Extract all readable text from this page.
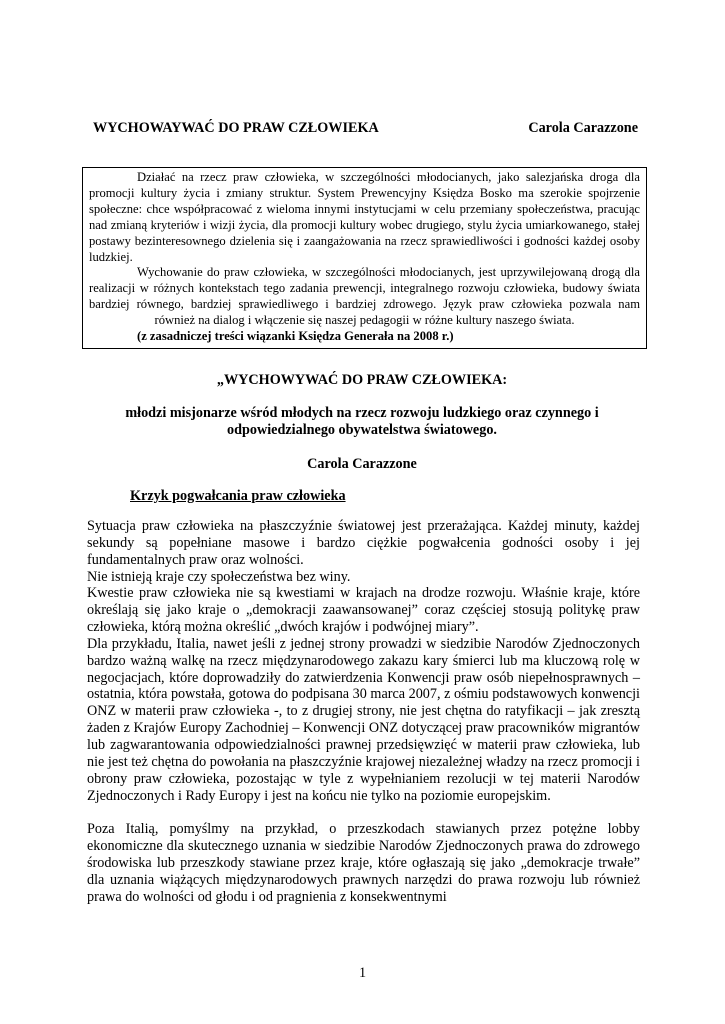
WYCHOWAYWAĆ DO PRAW CZŁOWIEKA	Carola Carazzone

Działać na rzecz praw człowieka, w szczególności młodocianych, jako salezjańska droga dla promocji kultury życia i zmiany struktur. System Prewencyjny Księdza Bosko ma szerokie spojrzenie społeczne: chce współpracować z wieloma innymi instytucjami w celu przemiany społeczeństwa, pracując nad zmianą kryteriów i wizji życia, dla promocji kultury wobec drugiego, stylu życia umiarkowanego, stałej postawy bezinteresownego dzielenia się i zaangażowania na rzecz sprawiedliwości i godności każdej osoby ludzkiej.

Wychowanie do praw człowieka, w szczególności młodocianych, jest uprzywilejowaną drogą dla realizacji w różnych kontekstach tego zadania prewencji, integralnego rozwoju człowieka, budowy świata bardziej równego, bardziej sprawiedliwego i bardziej zdrowego. Język praw człowieka pozwala nam również na dialog i włączenie się naszej pedagogii w różne kultury naszego świata.

(z zasadniczej treści wiązanki Księdza Generała na 2008 r.)

„WYCHOWYWAĆ DO PRAW CZŁOWIEKA:
młodzi misjonarze wśród młodych na rzecz rozwoju ludzkiego oraz czynnego i odpowiedzialnego obywatelstwa światowego.
Carola Carazzone
Krzyk pogwałcania praw człowieka

Sytuacja praw człowieka na płaszczyźnie światowej jest przerażająca. Każdej minuty, każdej sekundy są popełniane masowe i bardzo ciężkie pogwałcenia godności osoby i jej fundamentalnych praw oraz wolności.

Nie istnieją kraje czy społeczeństwa bez winy.

Kwestie praw człowieka nie są kwestiami w krajach na drodze rozwoju. Właśnie kraje, które określają się jako kraje o „demokracji zaawansowanej” coraz częściej stosują politykę praw człowieka, którą można określić „dwóch krajów i podwójnej miary”.

Dla przykładu, Italia, nawet jeśli z jednej strony prowadzi w siedzibie Narodów Zjednoczonych bardzo ważną walkę na rzecz międzynarodowego zakazu kary śmierci lub ma kluczową rolę w negocjacjach, które doprowadziły do zatwierdzenia Konwencji praw osób niepełnosprawnych – ostatnia, która powstała, gotowa do podpisana 30 marca 2007, z ośmiu podstawowych konwencji ONZ w materii praw człowieka -, to z drugiej strony, nie jest chętna do ratyfikacji – jak zresztą żaden z Krajów Europy Zachodniej – Konwencji ONZ dotyczącej praw pracowników migrantów lub zagwarantowania odpowiedzialności prawnej przedsięwzięć w materii praw człowieka, lub nie jest też chętna do powołania na płaszczyźnie krajowej niezależnej władzy na rzecz promocji i obrony praw człowieka, pozostając w tyle z wypełnianiem rezolucji w tej materii Narodów Zjednoczonych i Rady Europy i jest na końcu nie tylko na poziomie europejskim.

Poza Italią, pomyślmy na przykład, o przeszkodach stawianych przez potężne lobby ekonomiczne dla skutecznego uznania w siedzibie Narodów Zjednoczonych prawa do zdrowego środowiska lub przeszkody stawiane przez kraje, które ogłaszają się jako „demokracje trwałe” dla uznania wiążących międzynarodowych prawnych narzędzi do prawa rozwoju lub również prawa do wolności od głodu i od pragnienia z konsekwentnymi

1
